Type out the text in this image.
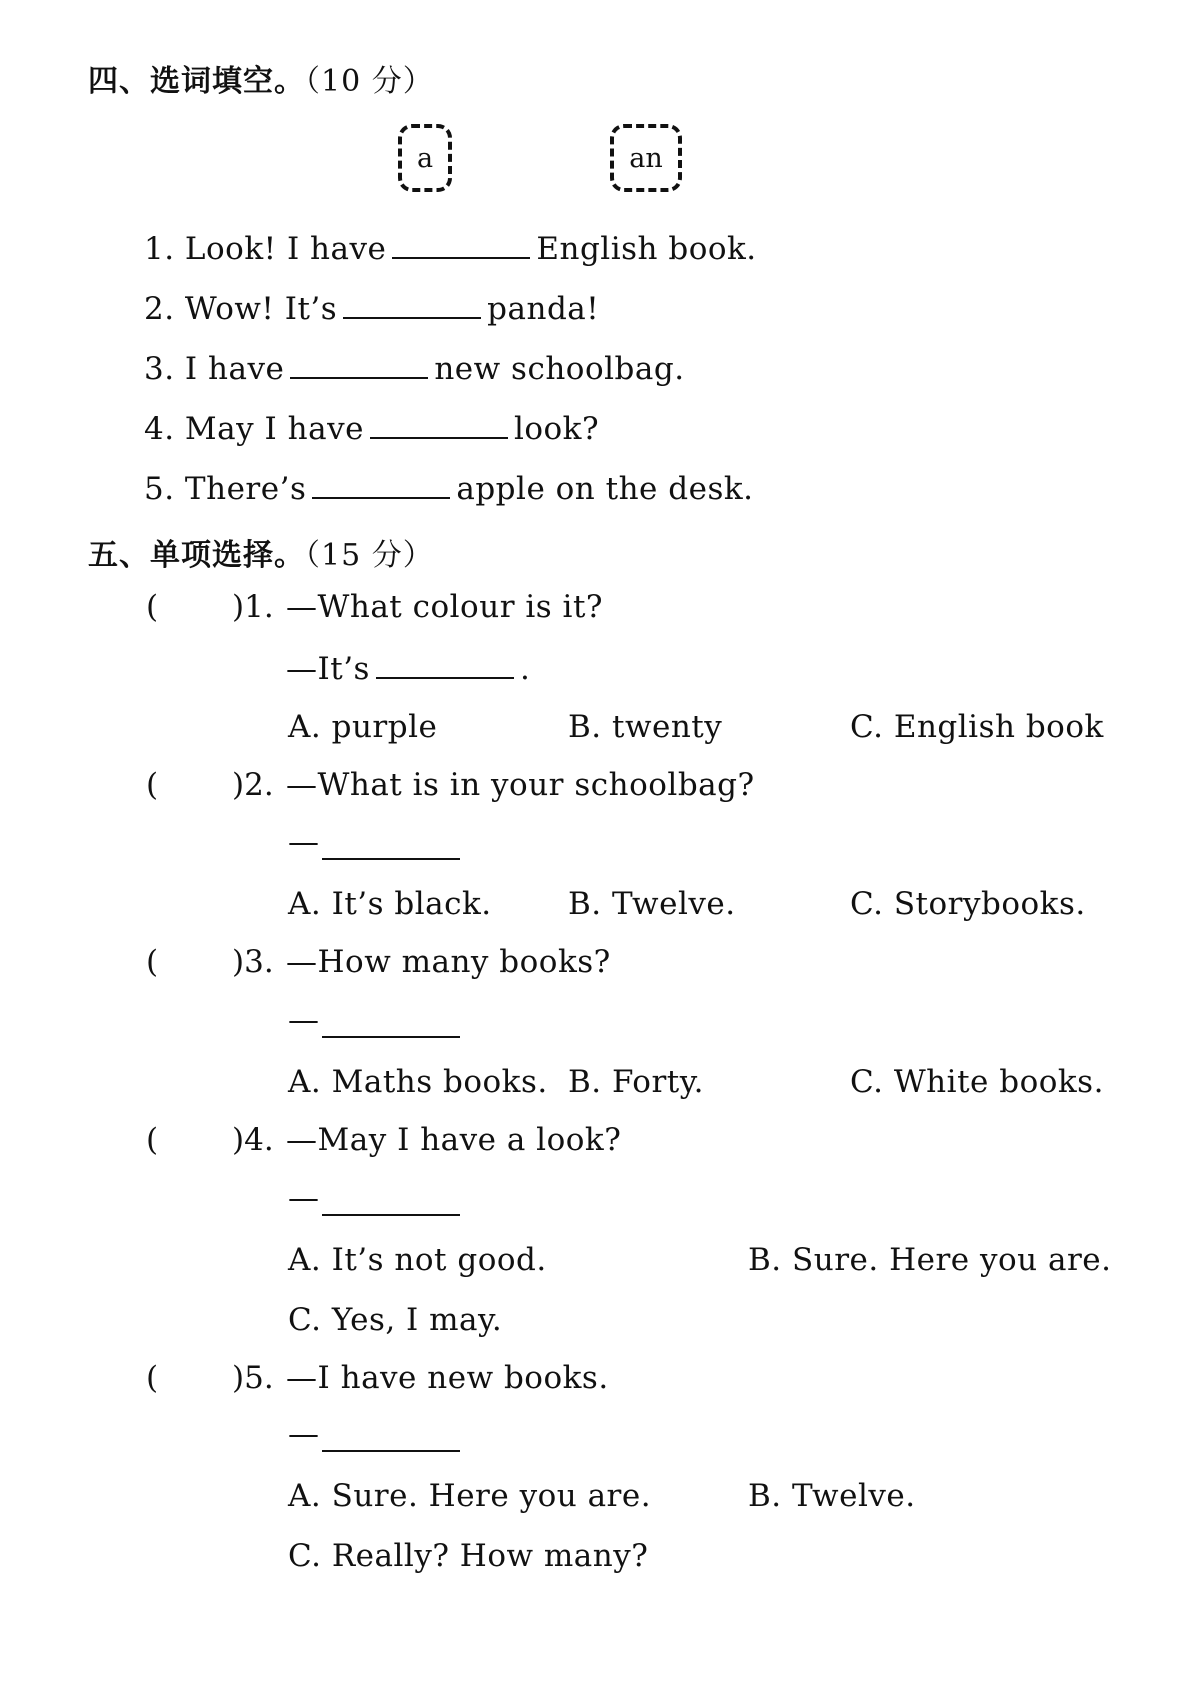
四、选词填空。（10 分）
a	an
1. Look! I have	English book.
2. Wow! It’s	panda!
3. I have	new schoolbag.
4. May I have	look?
5. There’s	apple on the desk.
五、单项选择。（15 分）
( )1. —What colour is it?
—It’s	.
A. purple	B. twenty	C. English book
( )2. —What is in your schoolbag?
—
A. It’s black. B. Twelve.	C. Storybooks.
( )3. —How many books?
—
A. Maths books. B. Forty.	C. White books.
( )4. —May I have a look?
—
A. It’s not good.	B. Sure. Here you are.
C. Yes, I may.
( )5. —I have new books.
—
A. Sure. Here you are.	B. Twelve.
C. Really? How many?
